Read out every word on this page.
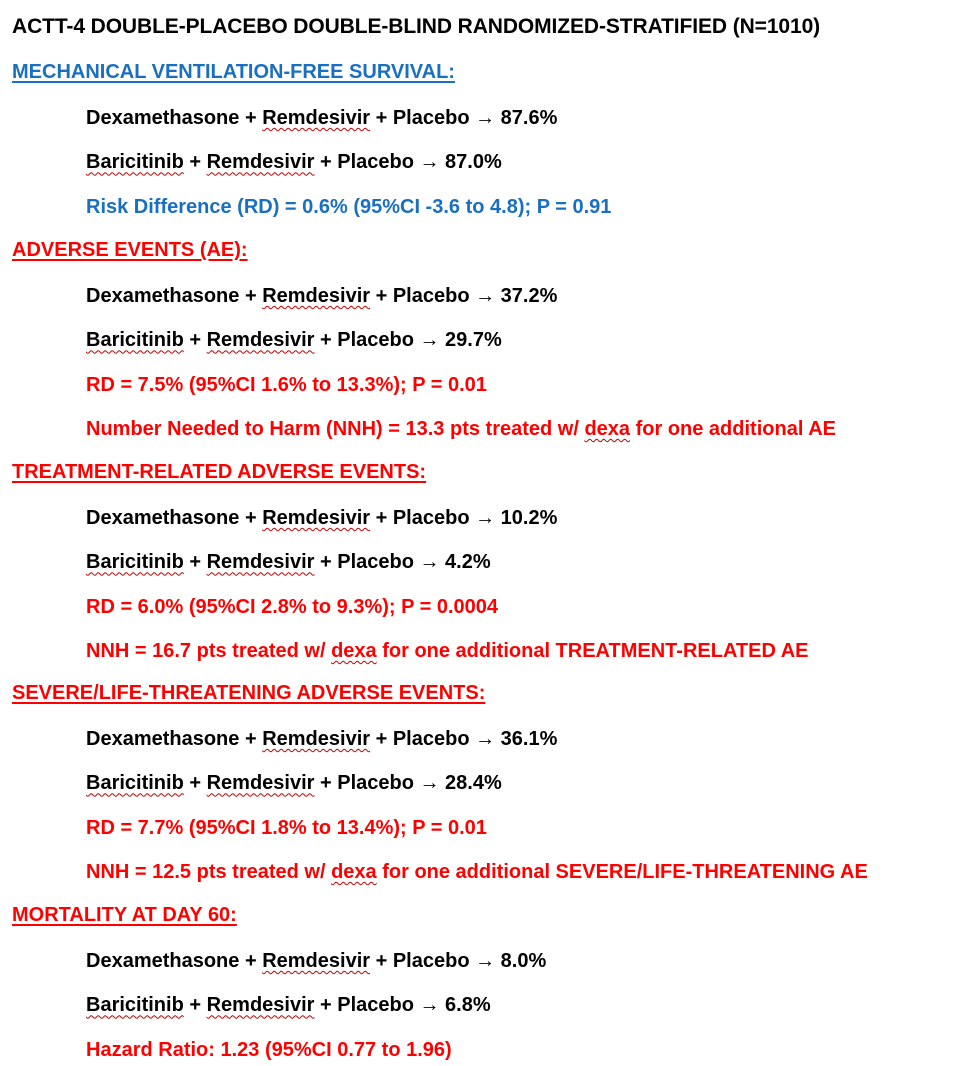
ACTT-4 DOUBLE-PLACEBO DOUBLE-BLIND RANDOMIZED-STRATIFIED (N=1010)
MECHANICAL VENTILATION-FREE SURVIVAL:
Dexamethasone + Remdesivir + Placebo → 87.6%
Baricitinib + Remdesivir + Placebo → 87.0%
Risk Difference (RD) = 0.6% (95%CI -3.6 to 4.8); P = 0.91
ADVERSE EVENTS (AE):
Dexamethasone + Remdesivir + Placebo → 37.2%
Baricitinib + Remdesivir + Placebo → 29.7%
RD = 7.5% (95%CI 1.6% to 13.3%); P = 0.01
Number Needed to Harm (NNH) = 13.3 pts treated w/ dexa for one additional AE
TREATMENT-RELATED ADVERSE EVENTS:
Dexamethasone + Remdesivir + Placebo → 10.2%
Baricitinib + Remdesivir + Placebo → 4.2%
RD = 6.0% (95%CI 2.8% to 9.3%); P = 0.0004
NNH = 16.7 pts treated w/ dexa for one additional TREATMENT-RELATED AE
SEVERE/LIFE-THREATENING ADVERSE EVENTS:
Dexamethasone + Remdesivir + Placebo → 36.1%
Baricitinib + Remdesivir + Placebo → 28.4%
RD = 7.7% (95%CI 1.8% to 13.4%); P = 0.01
NNH = 12.5 pts treated w/ dexa for one additional SEVERE/LIFE-THREATENING AE
MORTALITY AT DAY 60:
Dexamethasone + Remdesivir + Placebo → 8.0%
Baricitinib + Remdesivir + Placebo → 6.8%
Hazard Ratio: 1.23 (95%CI 0.77 to 1.96)
